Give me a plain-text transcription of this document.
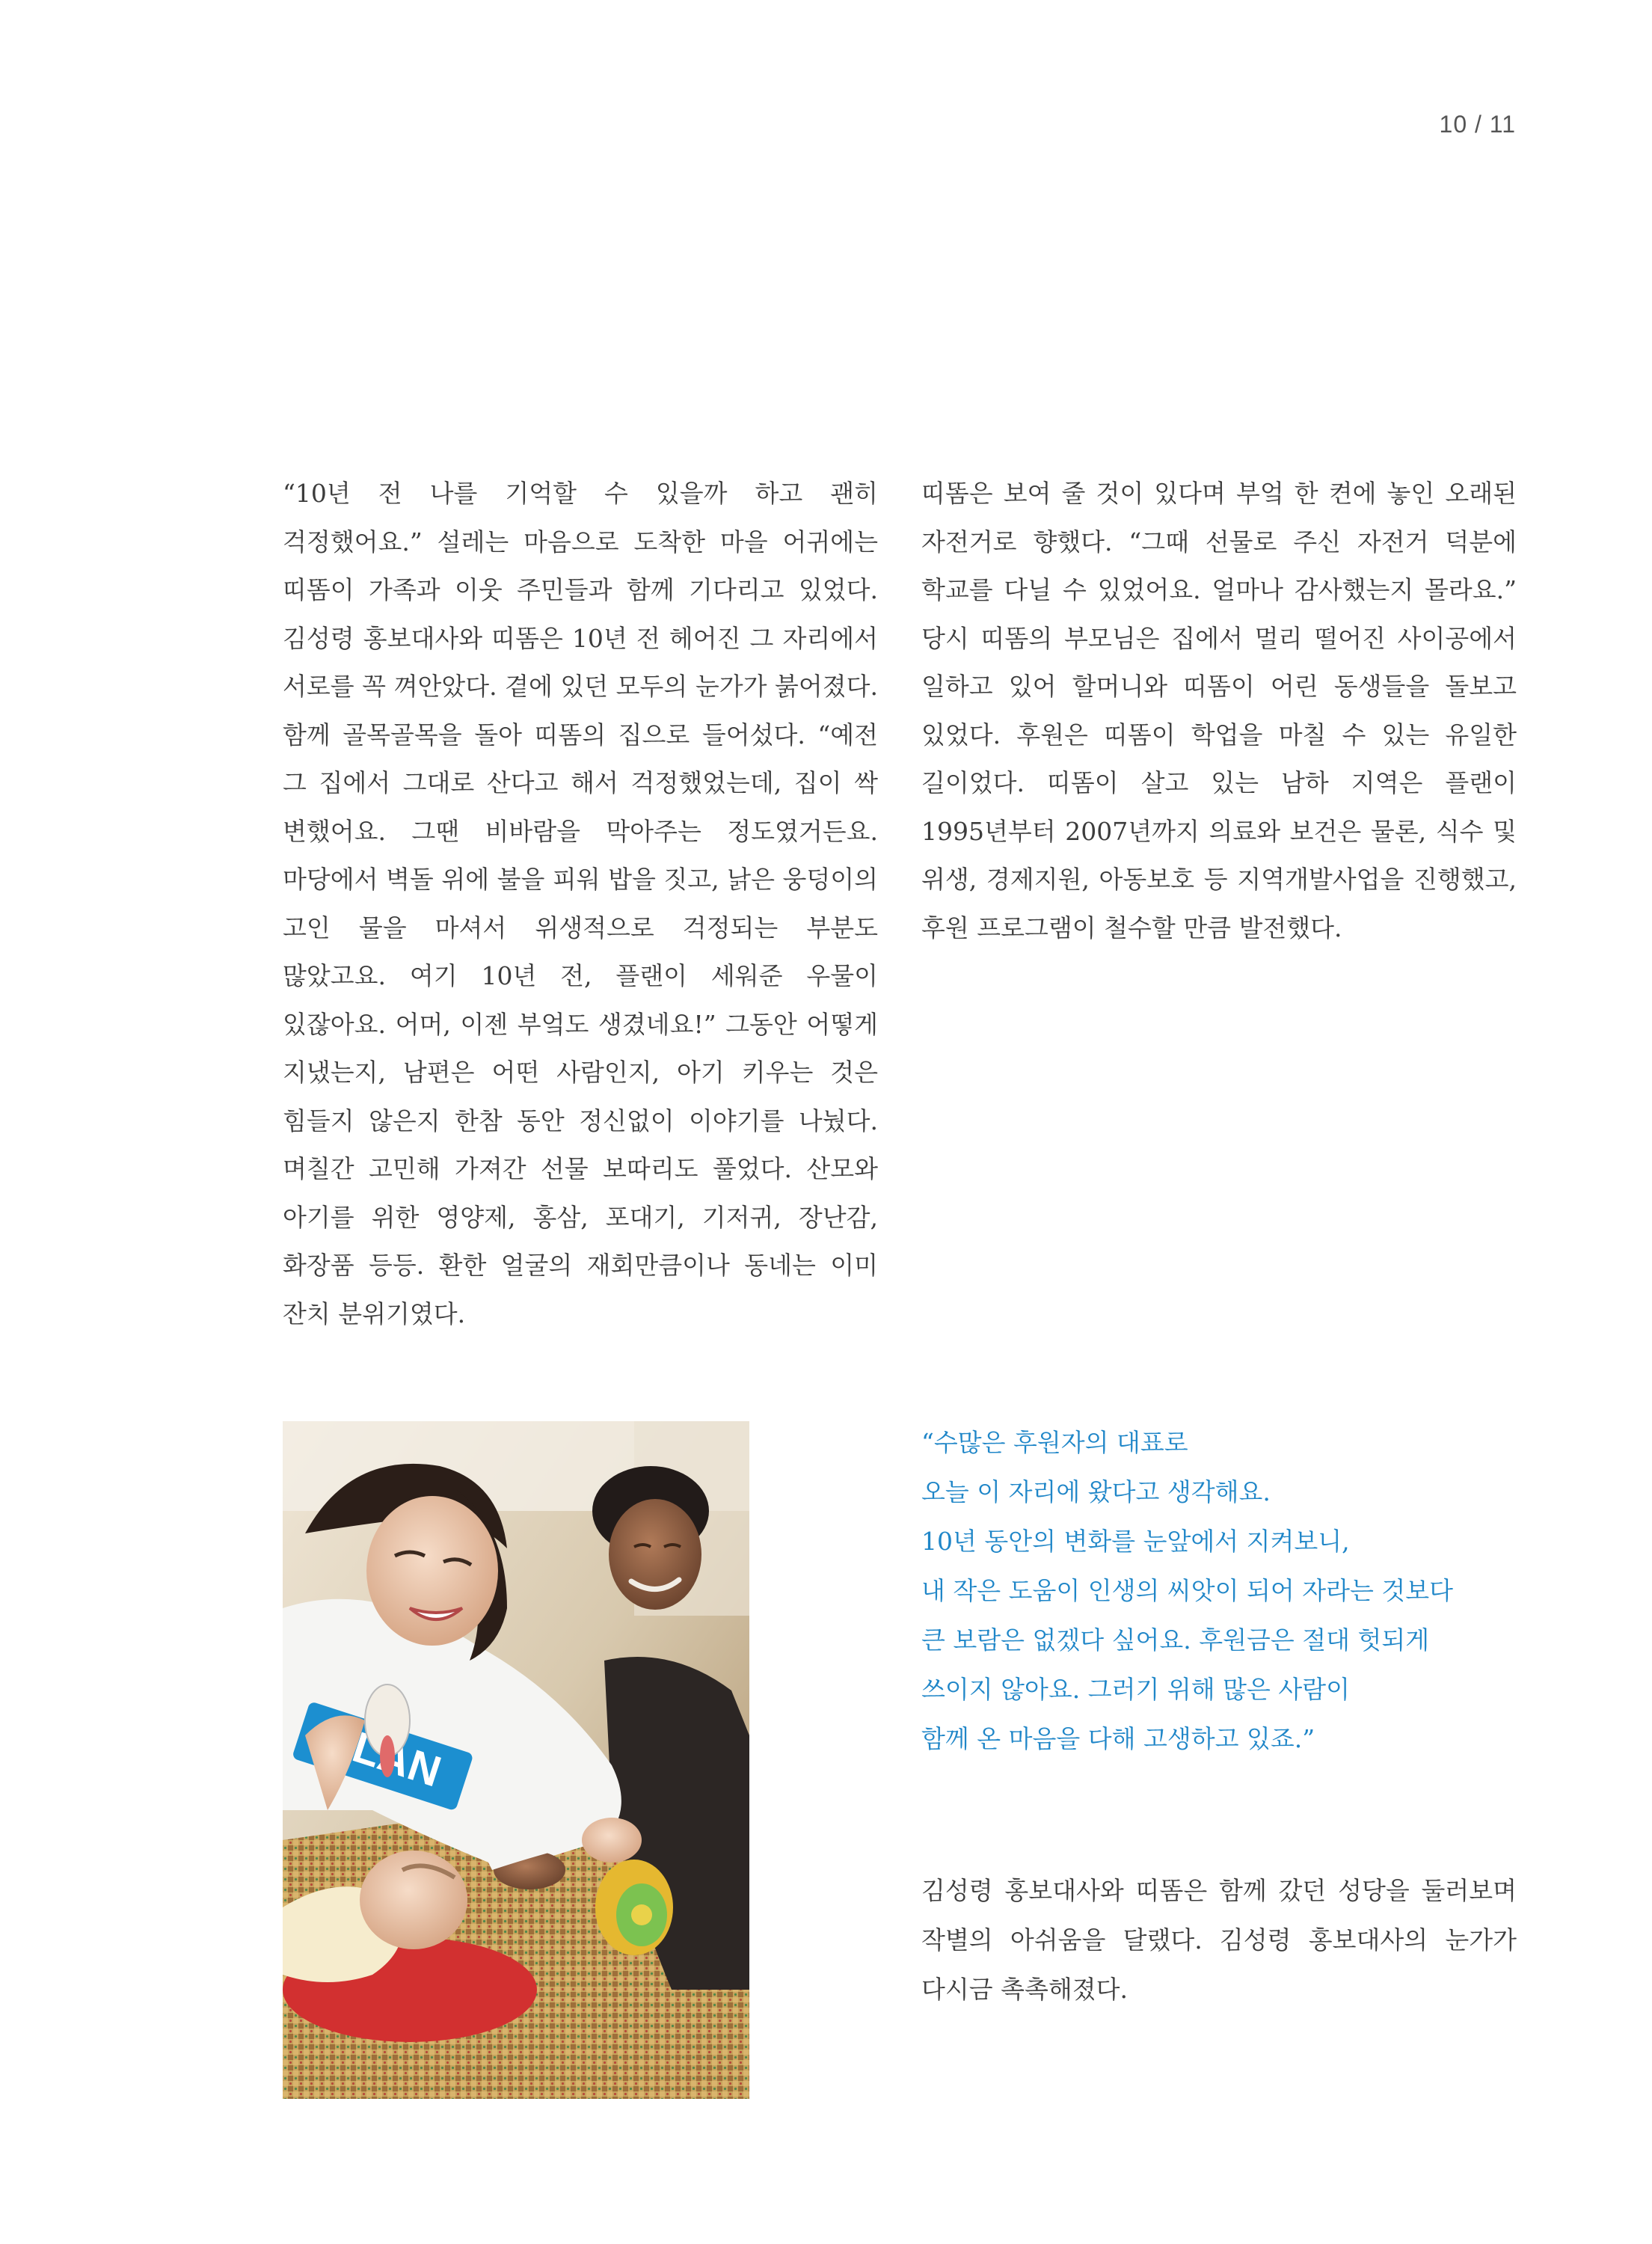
10 / 11
“10년 전 나를 기억할 수 있을까 하고 괜히 걱정했어요.” 설레는 마음으로 도착한 마을 어귀에는 띠똠이 가족과 이웃 주민들과 함께 기다리고 있었다. 김성령 홍보대사와 띠똠은 10년 전 헤어진 그 자리에서 서로를 꼭 껴안았다. 곁에 있던 모두의 눈가가 붉어졌다. 함께 골목골목을 돌아 띠똠의 집으로 들어섰다. “예전 그 집에서 그대로 산다고 해서 걱정했었는데, 집이 싹 변했어요. 그땐 비바람을 막아주는 정도였거든요. 마당에서 벽돌 위에 불을 피워 밥을 짓고, 낡은 웅덩이의 고인 물을 마셔서 위생적으로 걱정되는 부분도 많았고요. 여기 10년 전, 플랜이 세워준 우물이 있잖아요. 어머, 이젠 부엌도 생겼네요!” 그동안 어떻게 지냈는지, 남편은 어떤 사람인지, 아기 키우는 것은 힘들지 않은지 한참 동안 정신없이 이야기를 나눴다. 며칠간 고민해 가져간 선물 보따리도 풀었다. 산모와 아기를 위한 영양제, 홍삼, 포대기, 기저귀, 장난감, 화장품 등등. 환한 얼굴의 재회만큼이나 동네는 이미 잔치 분위기였다.
띠똠은 보여 줄 것이 있다며 부엌 한 켠에 놓인 오래된 자전거로 향했다. “그때 선물로 주신 자전거 덕분에 학교를 다닐 수 있었어요. 얼마나 감사했는지 몰라요.” 당시 띠똠의 부모님은 집에서 멀리 떨어진 사이공에서 일하고 있어 할머니와 띠똠이 어린 동생들을 돌보고 있었다. 후원은 띠똠이 학업을 마칠 수 있는 유일한 길이었다. 띠똠이 살고 있는 남하 지역은 플랜이 1995년부터 2007년까지 의료와 보건은 물론, 식수 및 위생, 경제지원, 아동보호 등 지역개발사업을 진행했고, 후원 프로그램이 철수할 만큼 발전했다.
“수많은 후원자의 대표로
오늘 이 자리에 왔다고 생각해요.
10년 동안의 변화를 눈앞에서 지켜보니,
내 작은 도움이 인생의 씨앗이 되어 자라는 것보다
큰 보람은 없겠다 싶어요. 후원금은 절대 헛되게
쓰이지 않아요. 그러기 위해 많은 사람이
함께 온 마음을 다해 고생하고 있죠.”
김성령 홍보대사와 띠똠은 함께 갔던 성당을 둘러보며 작별의 아쉬움을 달랬다. 김성령 홍보대사의 눈가가 다시금 촉촉해졌다.
